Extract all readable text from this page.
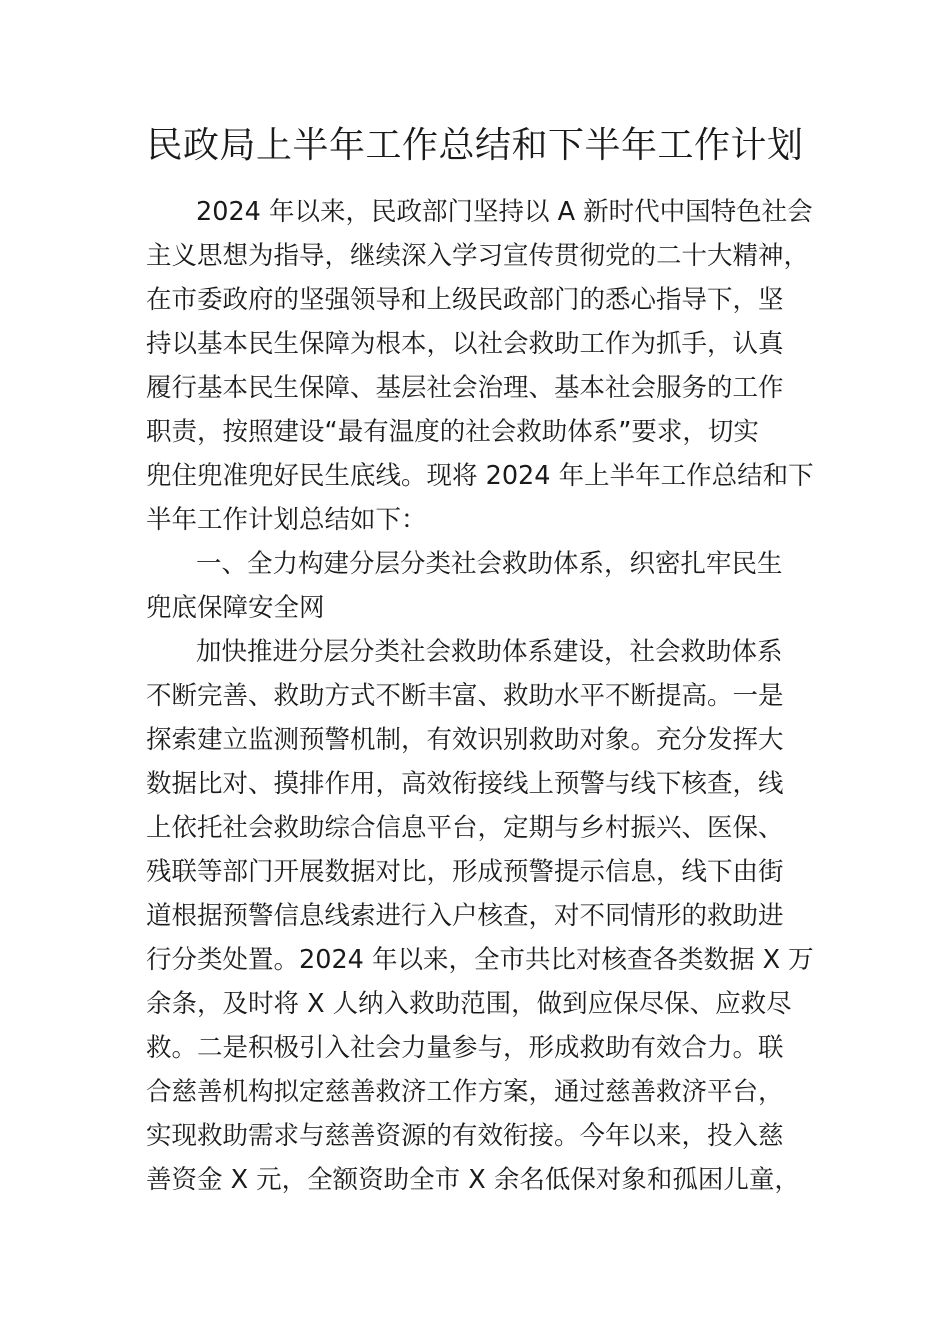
民政局上半年工作总结和下半年工作计划
2024 年以来，民政部门坚持以 A 新时代中国特色社会
主义思想为指导，继续深入学习宣传贯彻党的二十大精神，
在市委政府的坚强领导和上级民政部门的悉心指导下，坚
持以基本民生保障为根本，以社会救助工作为抓手，认真
履行基本民生保障、基层社会治理、基本社会服务的工作
职责，按照建设“最有温度的社会救助体系”要求，切实
兜住兜准兜好民生底线。现将 2024 年上半年工作总结和下
半年工作计划总结如下：
一、全力构建分层分类社会救助体系，织密扎牢民生
兜底保障安全网
加快推进分层分类社会救助体系建设，社会救助体系
不断完善、救助方式不断丰富、救助水平不断提高。一是
探索建立监测预警机制，有效识别救助对象。充分发挥大
数据比对、摸排作用，高效衔接线上预警与线下核查，线
上依托社会救助综合信息平台，定期与乡村振兴、医保、
残联等部门开展数据对比，形成预警提示信息，线下由街
道根据预警信息线索进行入户核查，对不同情形的救助进
行分类处置。2024 年以来，全市共比对核查各类数据 X 万
余条，及时将 X 人纳入救助范围，做到应保尽保、应救尽
救。二是积极引入社会力量参与，形成救助有效合力。联
合慈善机构拟定慈善救济工作方案，通过慈善救济平台，
实现救助需求与慈善资源的有效衔接。今年以来，投入慈
善资金 X 元，全额资助全市 X 余名低保对象和孤困儿童，
